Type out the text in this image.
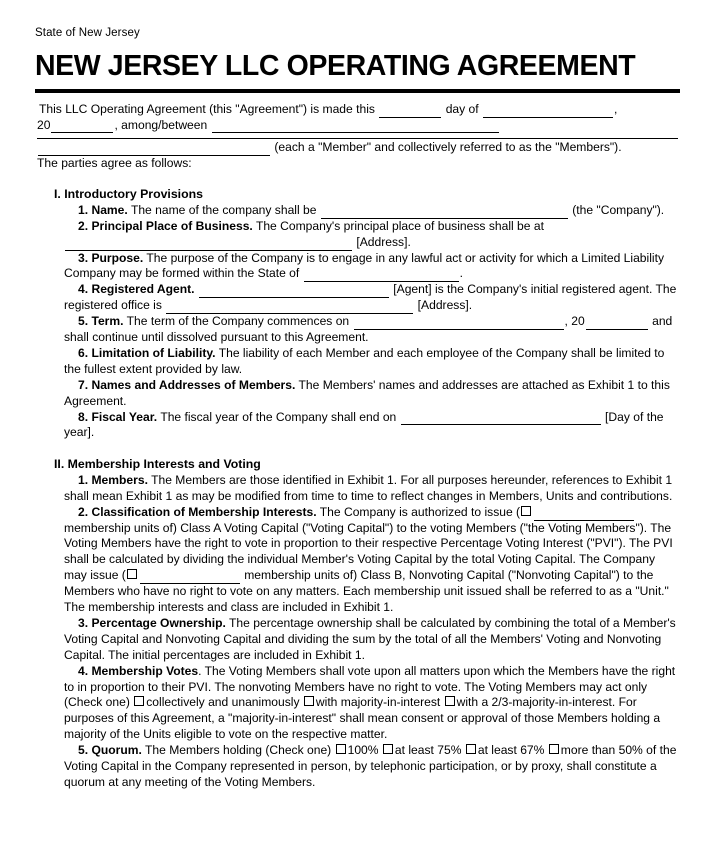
State of New Jersey
NEW JERSEY LLC OPERATING AGREEMENT

This LLC Operating Agreement (this "Agreement") is made this	day of	,

20	, among/between

(each a "Member" and collectively referred to as the "Members").

The parties agree as follows:

I. Introductory Provisions

1. Name. The name of the company shall be	(the "Company").

2. Principal Place of Business. The Company's principal place of business shall be at
[Address].

3. Purpose. The purpose of the Company is to engage in any lawful act or activity for which a Limited Liability Company may be formed within the State of	.

4. Registered Agent.	[Agent] is the Company's initial registered agent. The registered office is	[Address].

5. Term. The term of the Company commences on	, 20	and shall continue until dissolved pursuant to this Agreement.

6. Limitation of Liability. The liability of each Member and each employee of the Company shall be limited to the fullest extent provided by law.

7. Names and Addresses of Members. The Members' names and addresses are attached as Exhibit 1 to this Agreement.

8. Fiscal Year. The fiscal year of the Company shall end on	[Day of the year].

II. Membership Interests and Voting

1. Members. The Members are those identified in Exhibit 1. For all purposes hereunder, references to Exhibit 1 shall mean Exhibit 1 as may be modified from time to time to reflect changes in Members, Units and contributions.

2. Classification of Membership Interests. The Company is authorized to issue ( membership units of) Class A Voting Capital ("Voting Capital") to the voting Members ("the Voting Members"). The Voting Members have the right to vote in proportion to their respective Percentage Voting Interest ("PVI"). The PVI shall be calculated by dividing the individual Member's Voting Capital by the total Voting Capital. The Company may issue (	membership units of) Class B, Nonvoting Capital ("Nonvoting Capital") to the Members who have no right to vote on any matters. Each membership unit issued shall be referred to as a "Unit." The membership interests and class are included in Exhibit 1.

3. Percentage Ownership. The percentage ownership shall be calculated by combining the total of a Member's Voting Capital and Nonvoting Capital and dividing the sum by the total of all the Members' Voting and Nonvoting Capital. The initial percentages are included in Exhibit 1.

4. Membership Votes. The Voting Members shall vote upon all matters upon which the Members have the right to in proportion to their PVI. The nonvoting Members have no right to vote. The Voting Members may act only (Check one) collectively and unanimously with majority-in-interest with a 2/3-majority-in-interest. For purposes of this Agreement, a "majority-in-interest" shall mean consent or approval of those Members holding a majority of the Units eligible to vote on the respective matter.

5. Quorum. The Members holding (Check one) 100% at least 75% at least 67% more than 50% of the Voting Capital in the Company represented in person, by telephonic participation, or by proxy, shall constitute a quorum at any meeting of the Voting Members.
